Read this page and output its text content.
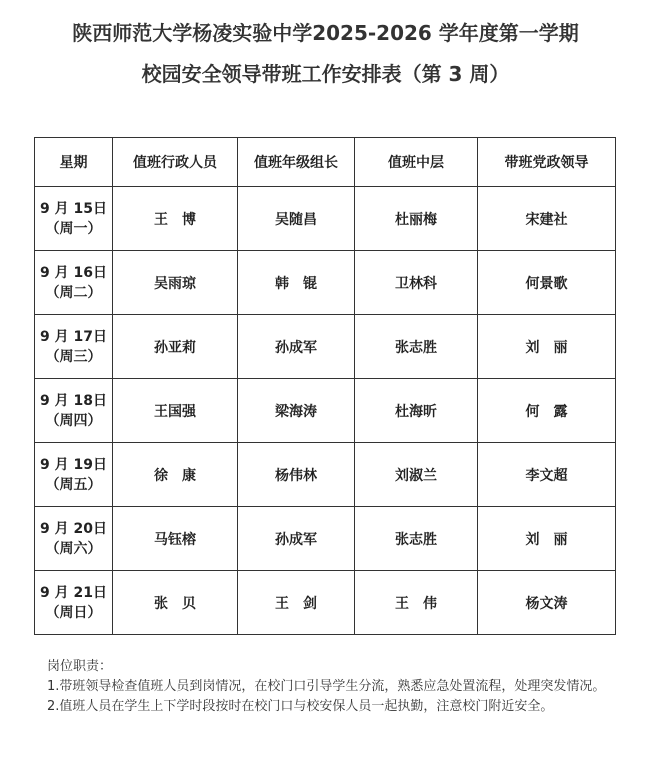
陕西师范大学杨凌实验中学2025-2026 学年度第一学期
校园安全领导带班工作安排表（第 3 周）
星期	值班行政人员	值班年级组长	值班中层	带班党政领导

9 月 15日
（周一）	王　博	吴随昌	杜丽梅	宋建社

9 月 16日
（周二）	吴雨琼	韩　锟	卫林科	何景歌

9 月 17日
（周三）	孙亚莉	孙成军	张志胜	刘　丽

9 月 18日
（周四）	王国强	梁海涛	杜海昕	何　露

9 月 19日
（周五）	徐　康	杨伟林	刘淑兰	李文超

9 月 20日
（周六）	马钰榕	孙成军	张志胜	刘　丽

9 月 21日
（周日）	张　贝	王　剑	王　伟	杨文涛

岗位职责：

1.带班领导检查值班人员到岗情况，在校门口引导学生分流，熟悉应急处置流程，处理突发情况。

2.值班人员在学生上下学时段按时在校门口与校安保人员一起执勤，注意校门附近安全。
